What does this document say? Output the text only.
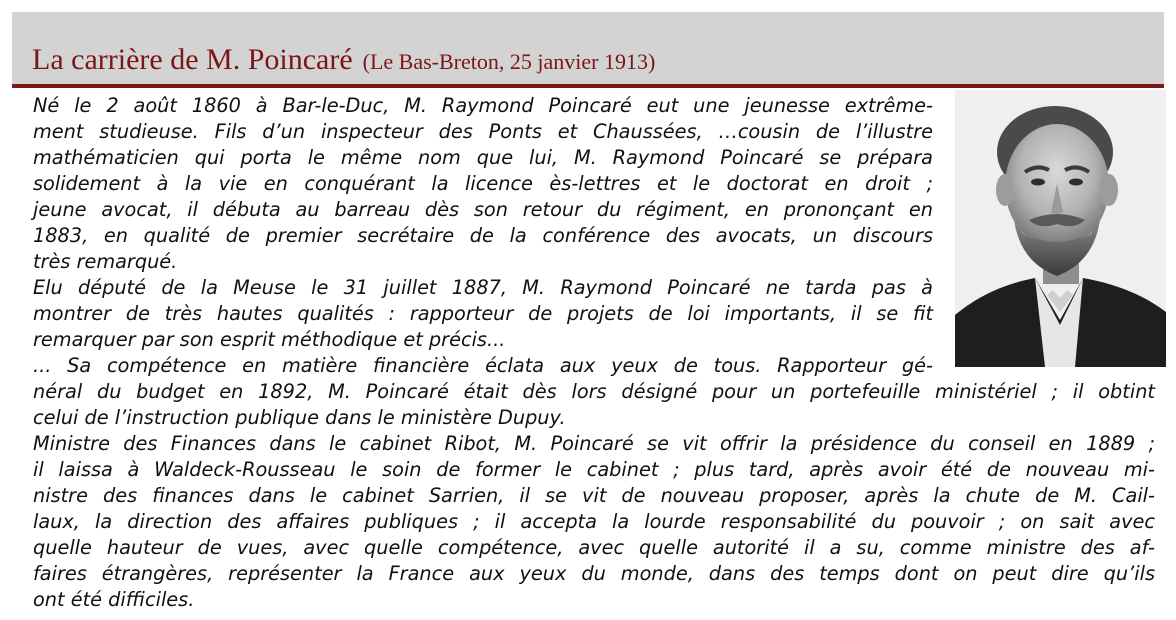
La carrière de M. Poincaré (Le Bas-Breton, 25 janvier 1913)
Né le 2 août 1860 à Bar-le-Duc, M. Raymond Poincaré eut une jeunesse extrême-
ment studieuse. Fils d’un inspecteur des Ponts et Chaussées, …cousin de l’illustre
mathématicien qui porta le même nom que lui, M. Raymond Poincaré se prépara
solidement à la vie en conquérant la licence ès-lettres et le doctorat en droit ;
jeune avocat, il débuta au barreau dès son retour du régiment, en prononçant en
1883, en qualité de premier secrétaire de la conférence des avocats, un discours
très remarqué.
Elu député de la Meuse le 31 juillet 1887, M. Raymond Poincaré ne tarda pas à
montrer de très hautes qualités : rapporteur de projets de loi importants, il se fit
remarquer par son esprit méthodique et précis...
... Sa compétence en matière financière éclata aux yeux de tous. Rapporteur gé-
néral du budget en 1892, M. Poincaré était dès lors désigné pour un portefeuille ministériel ; il obtint
celui de l’instruction publique dans le ministère Dupuy.
Ministre des Finances dans le cabinet Ribot, M. Poincaré se vit offrir la présidence du conseil en 1889 ;
il laissa à Waldeck-Rousseau le soin de former le cabinet ; plus tard, après avoir été de nouveau mi-
nistre des finances dans le cabinet Sarrien, il se vit de nouveau proposer, après la chute de M. Cail-
laux, la direction des affaires publiques ; il accepta la lourde responsabilité du pouvoir ; on sait avec
quelle hauteur de vues, avec quelle compétence, avec quelle autorité il a su, comme ministre des af-
faires étrangères, représenter la France aux yeux du monde, dans des temps dont on peut dire qu’ils
ont été difficiles.
